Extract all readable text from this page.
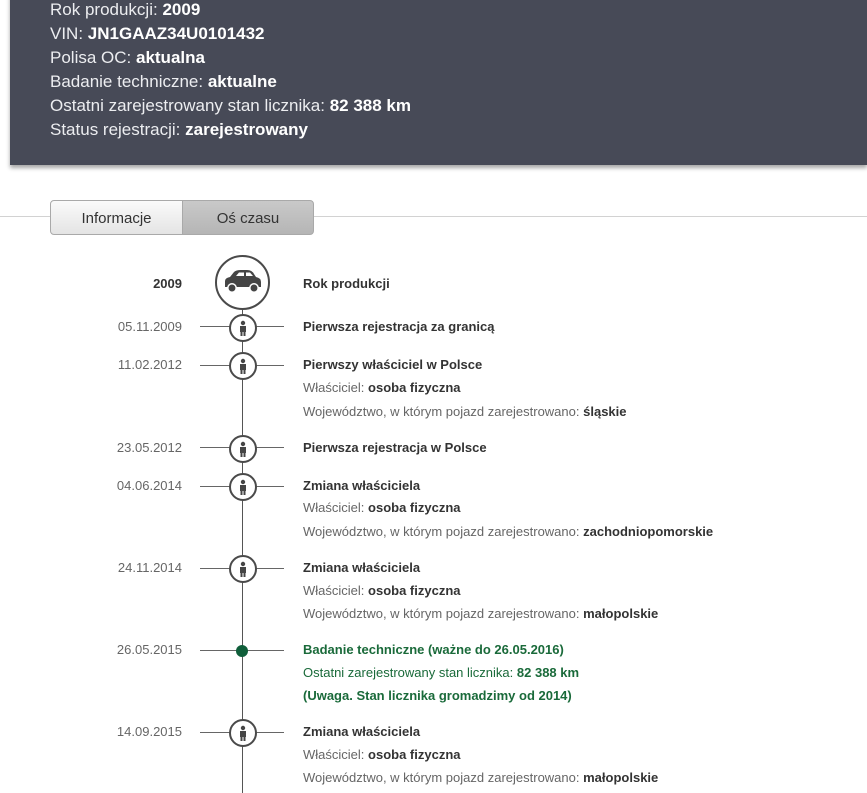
Rok produkcji: 2009
VIN: JN1GAAZ34U0101432
Polisa OC: aktualna
Badanie techniczne: aktualne
Ostatni zarejestrowany stan licznika: 82 388 km
Status rejestracji: zarejestrowany
Informacje	Oś czasu
2009	Rok produkcji
05.11.2009	Pierwsza rejestracja za granicą
11.02.2012	Pierwszy właściciel w Polsce
Właściciel: osoba fizyczna
Województwo, w którym pojazd zarejestrowano: śląskie
23.05.2012	Pierwsza rejestracja w Polsce
04.06.2014	Zmiana właściciela
Właściciel: osoba fizyczna
Województwo, w którym pojazd zarejestrowano: zachodniopomorskie
24.11.2014	Zmiana właściciela
Właściciel: osoba fizyczna
Województwo, w którym pojazd zarejestrowano: małopolskie
26.05.2015	Badanie techniczne (ważne do 26.05.2016)
Ostatni zarejestrowany stan licznika: 82 388 km
(Uwaga. Stan licznika gromadzimy od 2014)
14.09.2015	Zmiana właściciela
Właściciel: osoba fizyczna
Województwo, w którym pojazd zarejestrowano: małopolskie
